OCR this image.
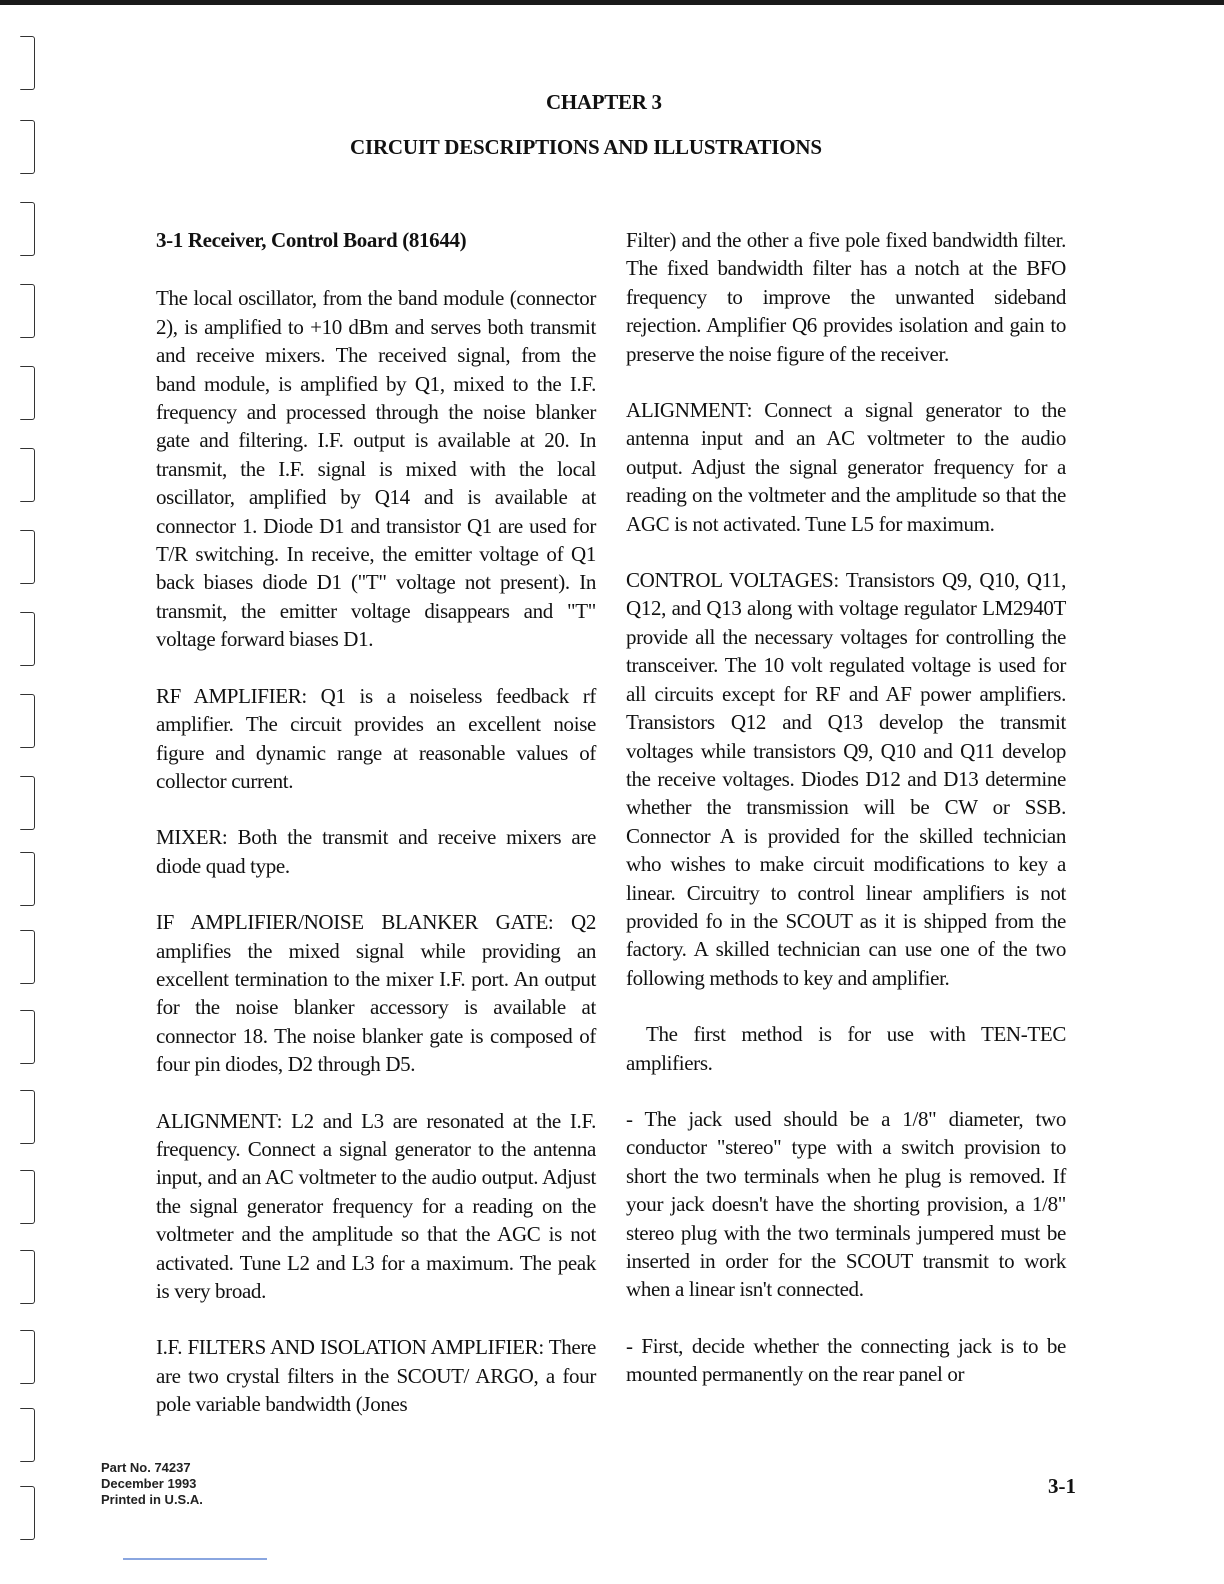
CHAPTER 3
CIRCUIT DESCRIPTIONS AND ILLUSTRATIONS
3-1 Receiver, Control Board (81644)

The local oscillator, from the band module (connector 2), is amplified to +10 dBm and serves both transmit and receive mixers. The received signal, from the band module, is amplified by Q1, mixed to the I.F. frequency and processed through the noise blanker gate and filtering. I.F. output is available at 20. In transmit, the I.F. signal is mixed with the local oscillator, amplified by Q14 and is available at connector 1. Diode D1 and transistor Q1 are used for T/R switching. In receive, the emitter voltage of Q1 back biases diode D1 ("T" voltage not present). In transmit, the emitter voltage disappears and "T" voltage forward biases D1.

RF AMPLIFIER: Q1 is a noiseless feedback rf amplifier. The circuit provides an excellent noise figure and dynamic range at reasonable values of collector current.

MIXER: Both the transmit and receive mixers are diode quad type.

IF AMPLIFIER/NOISE BLANKER GATE: Q2 amplifies the mixed signal while providing an excellent termination to the mixer I.F. port. An output for the noise blanker accessory is available at connector 18. The noise blanker gate is composed of four pin diodes, D2 through D5.

ALIGNMENT: L2 and L3 are resonated at the I.F. frequency. Connect a signal generator to the antenna input, and an AC voltmeter to the audio output. Adjust the signal generator frequency for a reading on the voltmeter and the amplitude so that the AGC is not activated. Tune L2 and L3 for a maximum. The peak is very broad.

I.F. FILTERS AND ISOLATION AMPLIFIER: There are two crystal filters in the SCOUT/ ARGO, a four pole variable bandwidth (Jones

Filter) and the other a five pole fixed bandwidth filter. The fixed bandwidth filter has a notch at the BFO frequency to improve the unwanted sideband rejection. Amplifier Q6 provides isolation and gain to preserve the noise figure of the receiver.

ALIGNMENT: Connect a signal generator to the antenna input and an AC voltmeter to the audio output. Adjust the signal generator frequency for a reading on the voltmeter and the amplitude so that the AGC is not activated. Tune L5 for maximum.

CONTROL VOLTAGES: Transistors Q9, Q10, Q11, Q12, and Q13 along with voltage regulator LM2940T provide all the necessary voltages for controlling the transceiver. The 10 volt regulated voltage is used for all circuits except for RF and AF power amplifiers. Transistors Q12 and Q13 develop the transmit voltages while transistors Q9, Q10 and Q11 develop the receive voltages. Diodes D12 and D13 determine whether the transmission will be CW or SSB. Connector A is provided for the skilled technician who wishes to make circuit modifications to key a linear. Circuitry to control linear amplifiers is not provided fo in the SCOUT as it is shipped from the factory. A skilled technician can use one of the two following methods to key and amplifier.

The first method is for use with TEN-TEC amplifiers.

- The jack used should be a 1/8" diameter, two conductor "stereo" type with a switch provision to short the two terminals when he plug is removed. If your jack doesn't have the shorting provision, a 1/8" stereo plug with the two terminals jumpered must be inserted in order for the SCOUT transmit to work when a linear isn't connected.

- First, decide whether the connecting jack is to be mounted permanently on the rear panel or

Part No. 74237
December 1993
Printed in U.S.A.
3-1
